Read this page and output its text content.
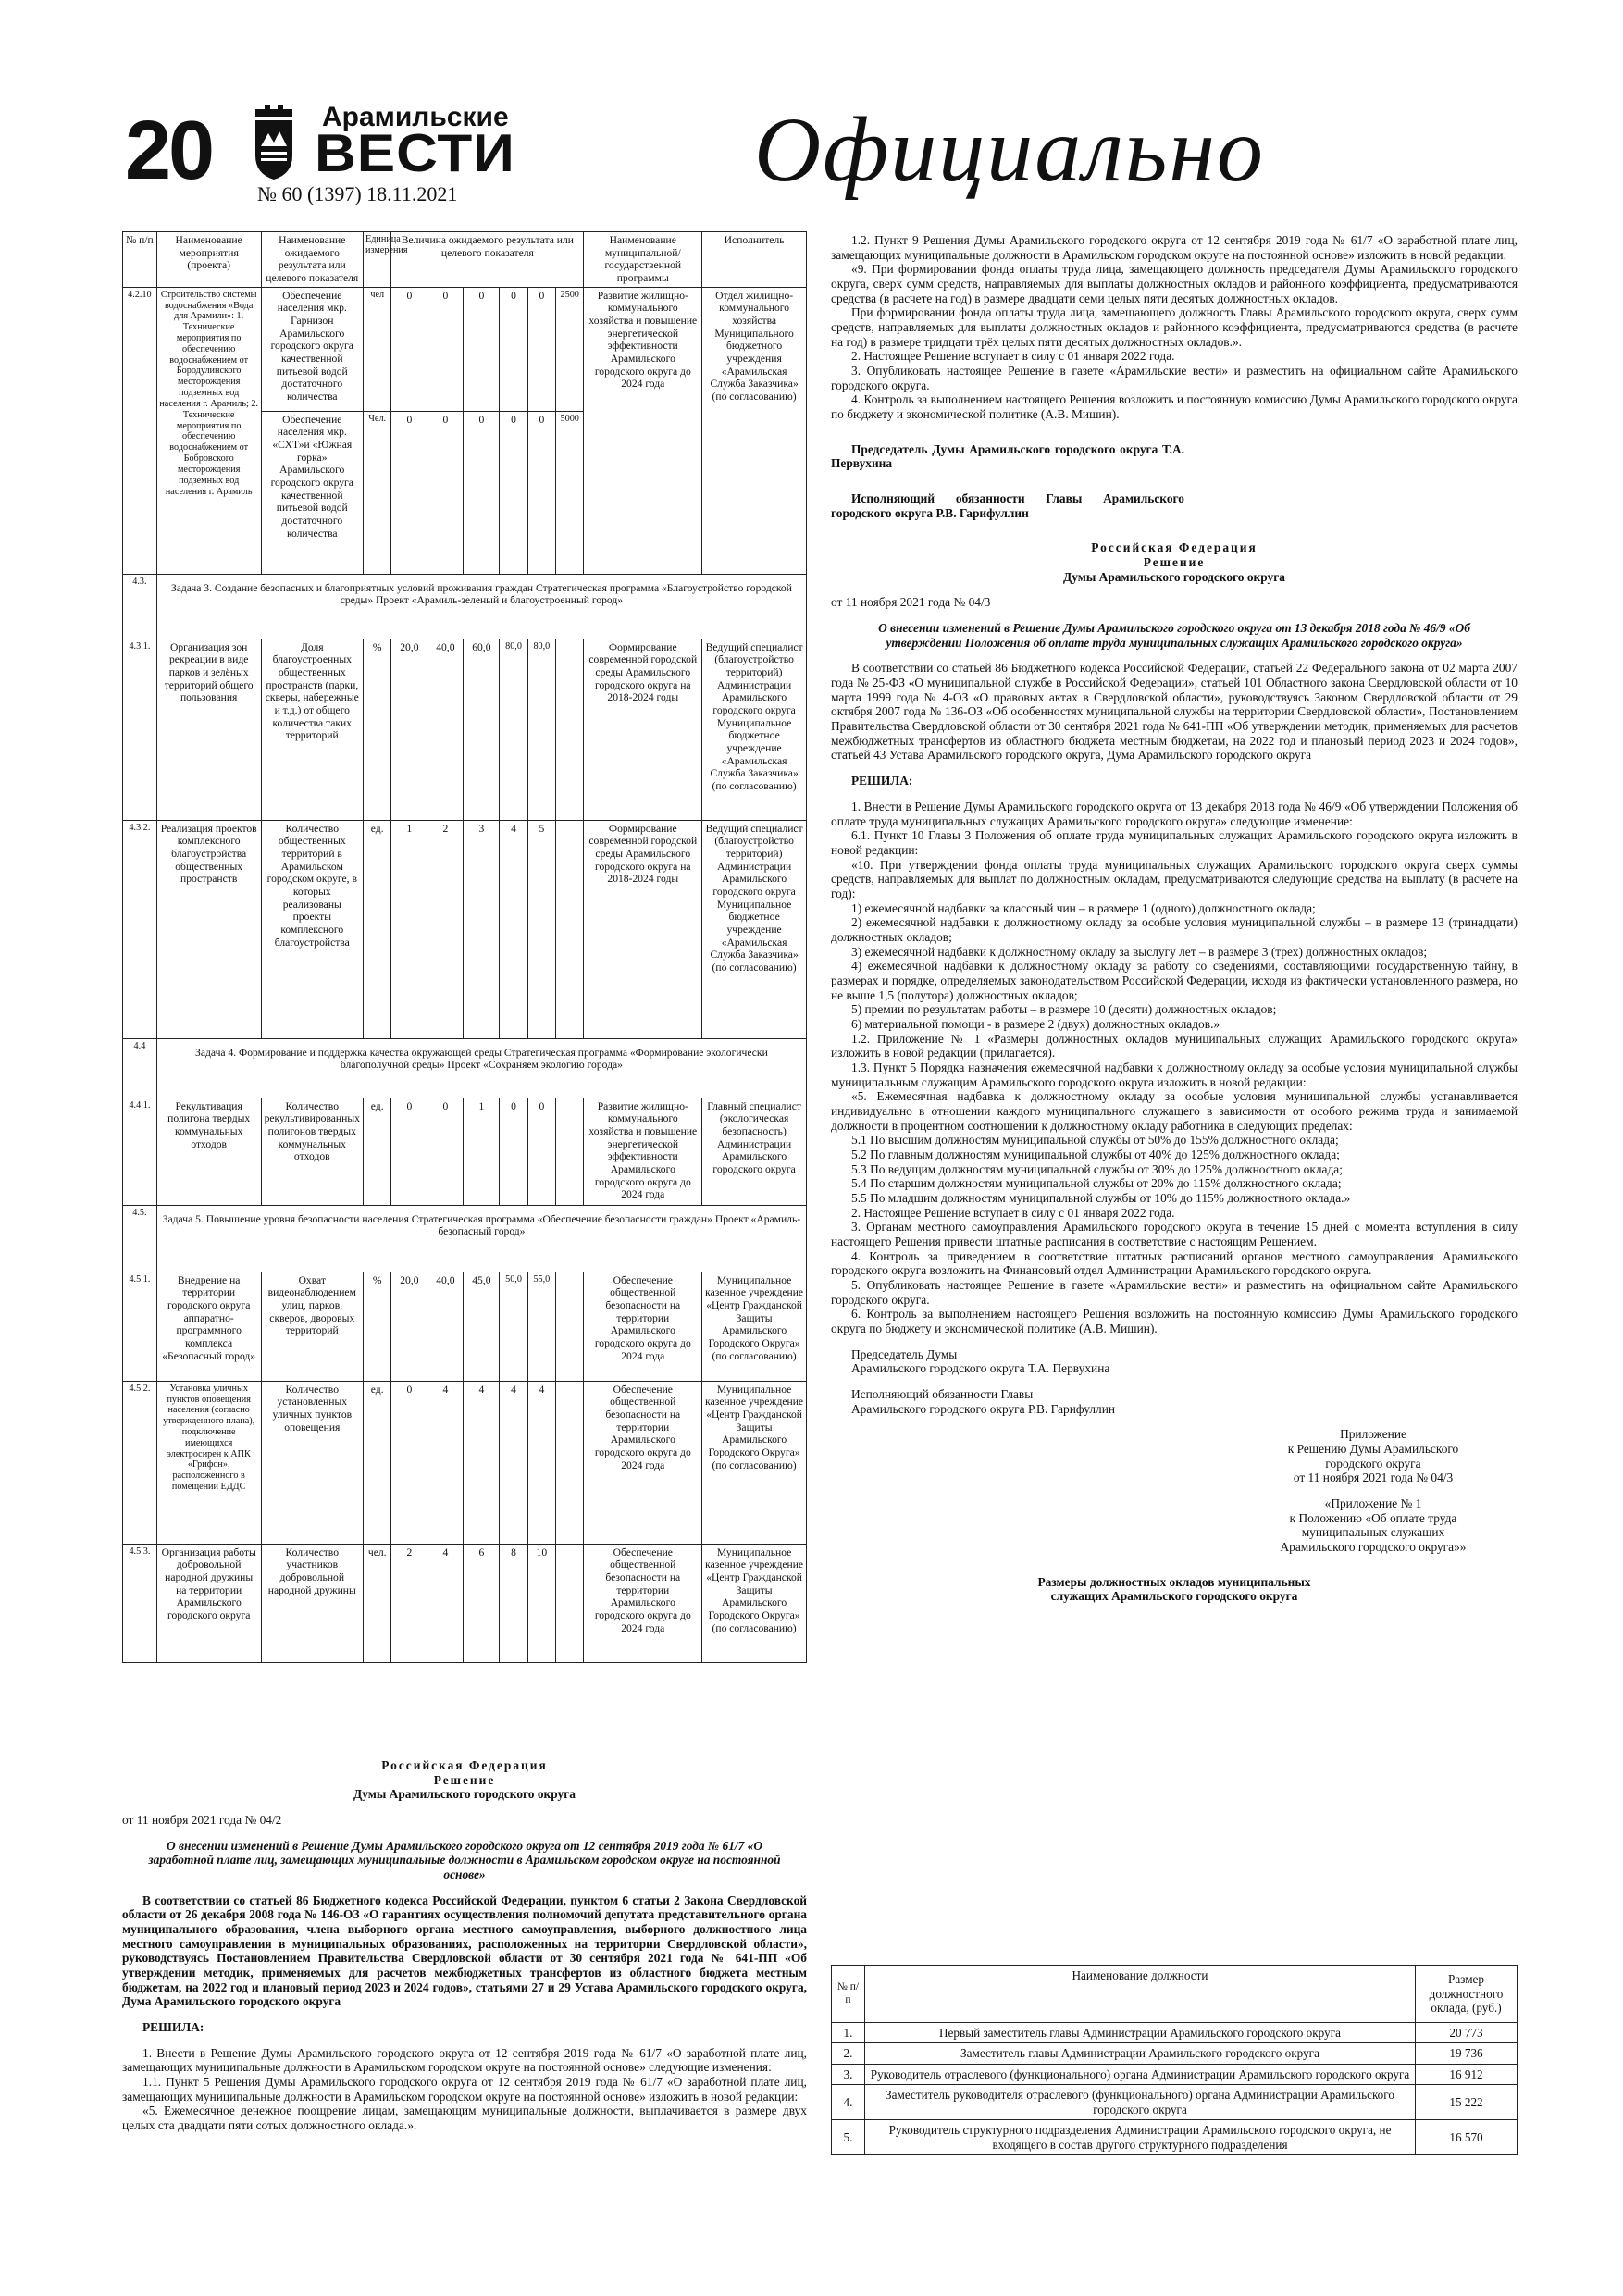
20	Арамильские
ВЕСТИ
№ 60 (1397) 18.11.2021	Официально
№ п/п	Наименование мероприятия (проекта)	Наименование ожидаемого результата или целевого показателя	Единица измерения	Величина ожидаемого результата или целевого показателя						Наименование муниципальной/ государственной программы	Исполнитель
4.2.10	Строительство системы водоснабжения «Вода для Арамили»: 1. Технические мероприятия по обеспечению водоснабжением от Бородулинского месторождения подземных вод населения г. Арамиль; 2. Технические мероприятия по обеспечению водоснабжением от Бобровского месторождения подземных вод населения г. Арамиль	Обеспечение населения мкр. Гарнизон Арамильского городского округа качественной питьевой водой достаточного количества	чел	0	0	0	0	0	2500	Развитие жилищно-коммунального хозяйства и повышение энергетической эффективности Арамильского городского округа до 2024 года	Отдел жилищно-коммунального хозяйства Муниципального бюджетного учреждения «Арамильская Служба Заказчика» (по согласованию)
		Обеспечение населения мкр. «СХТ»и «Южная горка» Арамильского городского округа качественной питьевой водой достаточного количества	Чел.	0	0	0	0	0	5000		
4.3.	Задача 3. Создание безопасных и благоприятных условий проживания граждан Стратегическая программа «Благоустройство городской среды» Проект «Арамиль-зеленый и благоустроенный город»										
4.3.1.	Организация зон рекреации в виде парков и зелёных территорий общего пользования	Доля благоустроенных общественных пространств (парки, скверы, набережные и т.д.) от общего количества таких территорий	%	20,0	40,0	60,0	80,0	80,0		Формирование современной городской среды Арамильского городского округа на 2018-2024 годы	Ведущий специалист (благоустройство территорий) Администрации Арамильского городского округа Муниципальное бюджетное учреждение «Арамильская Служба Заказчика» (по согласованию)
4.3.2.	Реализация проектов комплексного благоустройства общественных пространств	Количество общественных территорий в Арамильском городском округе, в которых реализованы проекты комплексного благоустройства	ед.	1	2	3	4	5		Формирование современной городской среды Арамильского городского округа на 2018-2024 годы	Ведущий специалист (благоустройство территорий) Администрации Арамильского городского округа Муниципальное бюджетное учреждение «Арамильская Служба Заказчика» (по согласованию)
4.4	Задача 4. Формирование и поддержка качества окружающей среды Стратегическая программа «Формирование экологически благополучной среды» Проект «Сохраняем экологию города»										
4.4.1.	Рекультивация полигона твердых коммунальных отходов	Количество рекультивированных полигонов твердых коммунальных отходов	ед.	0	0	1	0	0		Развитие жилищно-коммунального хозяйства и повышение энергетической эффективности Арамильского городского округа до 2024 года	Главный специалист (экологическая безопасность) Администрации Арамильского городского округа
4.5.	Задача 5. Повышение уровня безопасности населения Стратегическая программа «Обеспечение безопасности граждан» Проект «Арамиль-безопасный город»										
4.5.1.	Внедрение на территории городского округа аппаратно-программного комплекса «Безопасный город»	Охват видеонаблюдением улиц, парков, скверов, дворовых территорий	%	20,0	40,0	45,0	50,0	55,0		Обеспечение общественной безопасности на территории Арамильского городского округа до 2024 года	Муниципальное казенное учреждение «Центр Гражданской Защиты Арамильского Городского Округа» (по согласованию)
4.5.2.	Установка уличных пунктов оповещения населения (согласно утвержденного плана), подключение имеющихся электросирен к АПК «Грифон», расположенного в помещении ЕДДС	Количество установленных уличных пунктов оповещения	ед.	0	4	4	4	4		Обеспечение общественной безопасности на территории Арамильского городского округа до 2024 года	Муниципальное казенное учреждение «Центр Гражданской Защиты Арамильского Городского Округа» (по согласованию)
4.5.3.	Организация работы добровольной народной дружины на территории Арамильского городского округа	Количество участников добровольной народной дружины	чел.	2	4	6	8	10		Обеспечение общественной безопасности на территории Арамильского городского округа до 2024 года	Муниципальное казенное учреждение «Центр Гражданской Защиты Арамильского Городского Округа» (по согласованию)

Российская Федерация

Решение

Думы Арамильского городского округа

от 11 ноября 2021 года № 04/2

О внесении изменений в Решение Думы Арамильского городского округа от 12 сентября 2019 года № 61/7 «О заработной плате лиц, замещающих муниципальные должности в Арамильском городском округе на постоянной основе»

В соответствии со статьей 86 Бюджетного кодекса Российской Федерации, пунктом 6 статьи 2 Закона Свердловской области от 26 декабря 2008 года № 146-ОЗ «О гарантиях осуществления полномочий депутата представительного органа муниципального образования, члена выборного органа местного самоуправления, выборного должностного лица местного самоуправления в муниципальных образованиях, расположенных на территории Свердловской области», руководствуясь Постановлением Правительства Свердловской области от 30 сентября 2021 года № 641-ПП «Об утверждении методик, применяемых для расчетов межбюджетных трансфертов из областного бюджета местным бюджетам, на 2022 год и плановый период 2023 и 2024 годов», статьями 27 и 29 Устава Арамильского городского округа, Дума Арамильского городского округа

РЕШИЛА:

1. Внести в Решение Думы Арамильского городского округа от 12 сентября 2019 года № 61/7 «О заработной плате лиц, замещающих муниципальные должности в Арамильском городском округе на постоянной основе» следующие изменения:

1.1. Пункт 5 Решения Думы Арамильского городского округа от 12 сентября 2019 года № 61/7 «О заработной плате лиц, замещающих муниципальные должности в Арамильском городском округе на постоянной основе» изложить в новой редакции:

«5. Ежемесячное денежное поощрение лицам, замещающим муниципальные должности, выплачивается в размере двух целых ста двадцати пяти сотых должностного оклада.».

1.2. Пункт 9 Решения Думы Арамильского городского округа от 12 сентября 2019 года № 61/7 «О заработной плате лиц, замещающих муниципальные должности в Арамильском городском округе на постоянной основе» изложить в новой редакции:

«9. При формировании фонда оплаты труда лица, замещающего должность председателя Думы Арамильского городского округа, сверх сумм средств, направляемых для выплаты должностных окладов и районного коэффициента, предусматриваются средства (в расчете на год) в размере двадцати семи целых пяти десятых должностных окладов.

При формировании фонда оплаты труда лица, замещающего должность Главы Арамильского городского округа, сверх сумм средств, направляемых для выплаты должностных окладов и районного коэффициента, предусматриваются средства (в расчете на год) в размере тридцати трёх целых пяти десятых должностных окладов.».

2. Настоящее Решение вступает в силу с 01 января 2022 года.

3. Опубликовать настоящее Решение в газете «Арамильские вести» и разместить на официальном сайте Арамильского городского округа.

4. Контроль за выполнением настоящего Решения возложить и постоянную комиссию Думы Арамильского городского округа по бюджету и экономической политике (А.В. Мишин).

Председатель Думы Арамильского городского округа Т.А. Первухина

Исполняющий обязанности Главы Арамильского городского округа Р.В. Гарифуллин

Российская Федерация

Решение

Думы Арамильского городского округа

от 11 ноября 2021 года № 04/3

О внесении изменений в Решение Думы Арамильского городского округа от 13 декабря 2018 года № 46/9 «Об утверждении Положения об оплате труда муниципальных служащих Арамильского городского округа»

В соответствии со статьей 86 Бюджетного кодекса Российской Федерации, статьей 22 Федерального закона от 02 марта 2007 года № 25-ФЗ «О муниципальной службе в Российской Федерации», статьей 101 Областного закона Свердловской области от 10 марта 1999 года № 4-ОЗ «О правовых актах в Свердловской области», руководствуясь Законом Свердловской области от 29 октября 2007 года № 136-ОЗ «Об особенностях муниципальной службы на территории Свердловской области», Постановлением Правительства Свердловской области от 30 сентября 2021 года № 641-ПП «Об утверждении методик, применяемых для расчетов межбюджетных трансфертов из областного бюджета местным бюджетам, на 2022 год и плановый период 2023 и 2024 годов», статьей 43 Устава Арамильского городского округа, Дума Арамильского городского округа

РЕШИЛА:

1. Внести в Решение Думы Арамильского городского округа от 13 декабря 2018 года № 46/9 «Об утверждении Положения об оплате труда муниципальных служащих Арамильского городского округа» следующие изменение:

6.1. Пункт 10 Главы 3 Положения об оплате труда муниципальных служащих Арамильского городского округа изложить в новой редакции:

«10. При утверждении фонда оплаты труда муниципальных служащих Арамильского городского округа сверх суммы средств, направляемых для выплат по должностным окладам, предусматриваются следующие средства на выплату (в расчете на год):

1) ежемесячной надбавки за классный чин – в размере 1 (одного) должностного оклада;

2) ежемесячной надбавки к должностному окладу за особые условия муниципальной службы – в размере 13 (тринадцати) должностных окладов;

3) ежемесячной надбавки к должностному окладу за выслугу лет – в размере 3 (трех) должностных окладов;

4) ежемесячной надбавки к должностному окладу за работу со сведениями, составляющими государственную тайну, в размерах и порядке, определяемых законодательством Российской Федерации, исходя из фактически установленного размера, но не выше 1,5 (полутора) должностных окладов;

5) премии по результатам работы – в размере 10 (десяти) должностных окладов;

6) материальной помощи - в размере 2 (двух) должностных окладов.»

1.2. Приложение № 1 «Размеры должностных окладов муниципальных служащих Арамильского городского округа» изложить в новой редакции (прилагается).

1.3. Пункт 5 Порядка назначения ежемесячной надбавки к должностному окладу за особые условия муниципальной службы муниципальным служащим Арамильского городского округа изложить в новой редакции:

«5. Ежемесячная надбавка к должностному окладу за особые условия муниципальной службы устанавливается индивидуально в отношении каждого муниципального служащего в зависимости от особого режима труда и занимаемой должности в процентном соотношении к должностному окладу работника в следующих пределах:

5.1 По высшим должностям муниципальной службы от 50% до 155% должностного оклада;

5.2 По главным должностям муниципальной службы от 40% до 125% должностного оклада;

5.3 По ведущим должностям муниципальной службы от 30% до 125% должностного оклада;

5.4 По старшим должностям муниципальной службы от 20% до 115% должностного оклада;

5.5 По младшим должностям муниципальной службы от 10% до 115% должностного оклада.»

2. Настоящее Решение вступает в силу с 01 января 2022 года.

3. Органам местного самоуправления Арамильского городского округа в течение 15 дней с момента вступления в силу настоящего Решения привести штатные расписания в соответствие с настоящим Решением.

4. Контроль за приведением в соответствие штатных расписаний органов местного самоуправления Арамильского городского округа возложить на Финансовый отдел Администрации Арамильского городского округа.

5. Опубликовать настоящее Решение в газете «Арамильские вести» и разместить на официальном сайте Арамильского городского округа.

6. Контроль за выполнением настоящего Решения возложить на постоянную комиссию Думы Арамильского городского округа по бюджету и экономической политике (А.В. Мишин).

Председатель Думы

Арамильского городского округа Т.А. Первухина

Исполняющий обязанности Главы

Арамильского городского округа Р.В. Гарифуллин

Приложение

к Решению Думы Арамильского

городского округа

от 11 ноября 2021 года № 04/3

«Приложение № 1

к Положению «Об оплате труда

муниципальных служащих

Арамильского городского округа»»

Размеры должностных окладов муниципальных служащих Арамильского городского округа

№ п/п	Наименование должности	Размер должностного оклада, (руб.)
1.	Первый заместитель главы Администрации Арамильского городского округа	20 773
2.	Заместитель главы Администрации Арамильского городского округа	19 736
3.	Руководитель отраслевого (функционального) органа Администрации Арамильского городского округа	16 912
4.	Заместитель руководителя отраслевого (функционального) органа Администрации Арамильского городского округа	15 222
5.	Руководитель структурного подразделения Администрации Арамильского городского округа, не входящего в состав другого структурного подразделения	16 570
